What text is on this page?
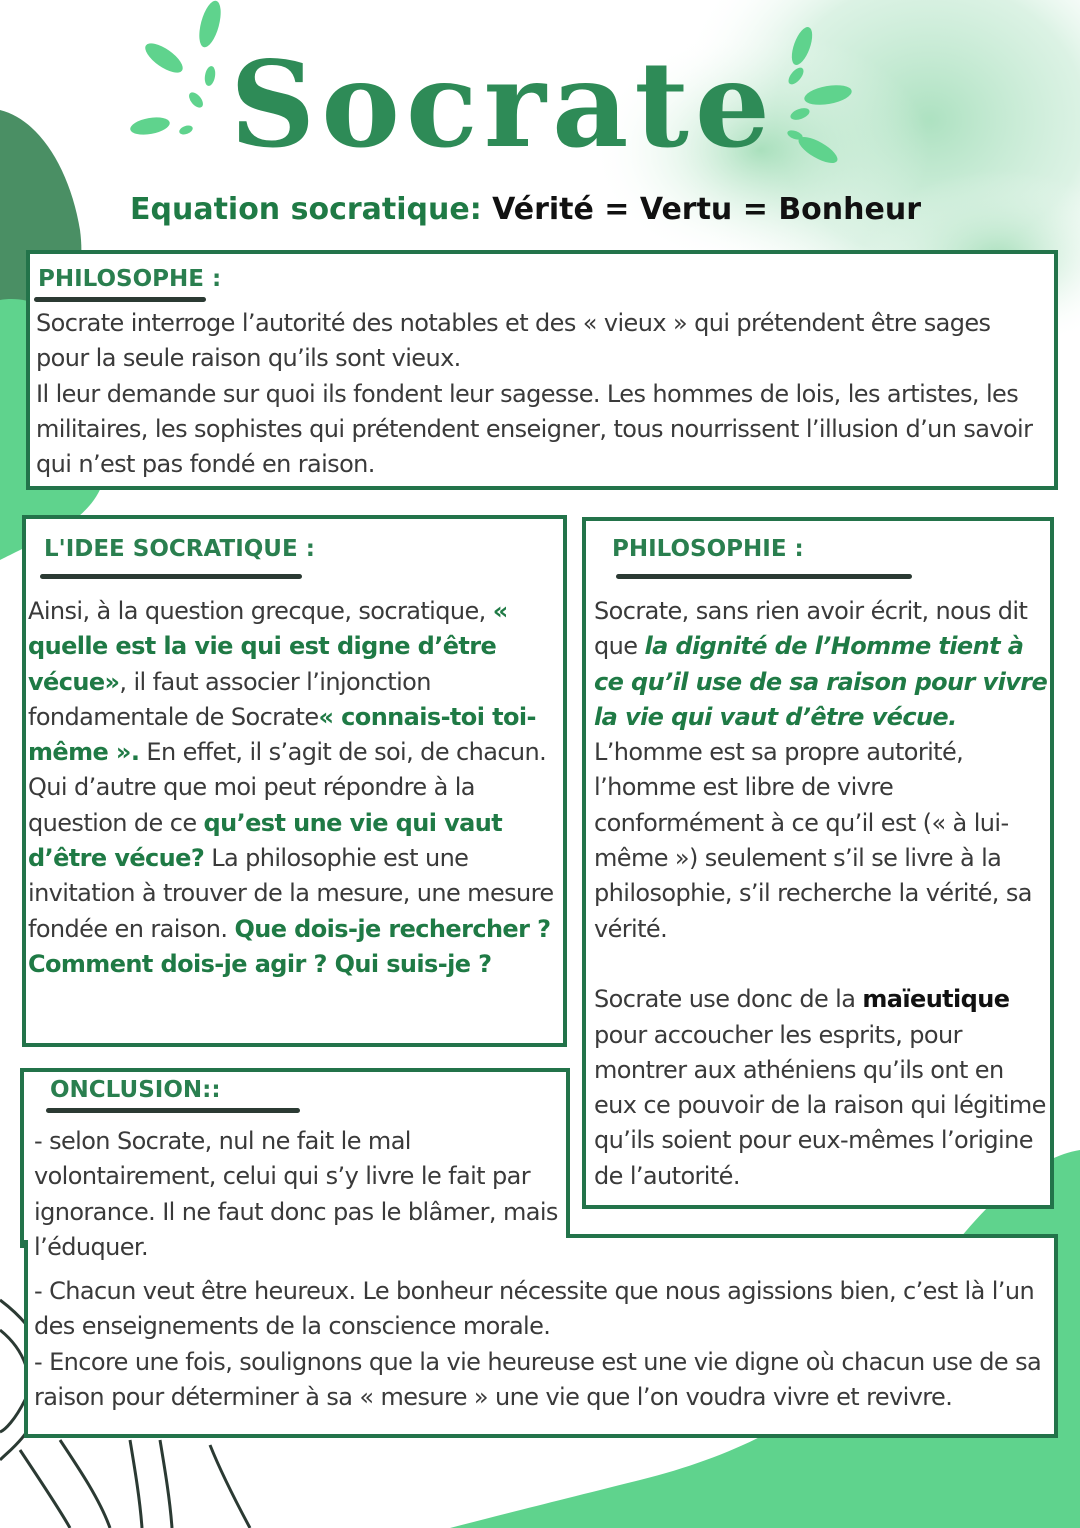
Socrate
Equation socratique: Vérité = Vertu = Bonheur
PHILOSOPHE :

Socrate interroge l’autorité des notables et des « vieux » qui prétendent être sages pour la seule raison qu’ils sont vieux.

Il leur demande sur quoi ils fondent leur sagesse. Les hommes de lois, les artistes, les militaires, les sophistes qui prétendent enseigner, tous nourrissent l’illusion d’un savoir qui n’est pas fondé en raison.

L'IDEE SOCRATIQUE :
Ainsi, à la question grecque, socratique, « quelle est la vie qui est digne d’être vécue», il faut associer l’injonction fondamentale de Socrate« connais-toi toi-même ». En effet, il s’agit de soi, de chacun. Qui d’autre que moi peut répondre à la question de ce qu’est une vie qui vaut d’être vécue? La philosophie est une invitation à trouver de la mesure, une mesure fondée en raison. Que dois-je rechercher ? Comment dois-je agir ? Qui suis-je ?
PHILOSOPHIE :

Socrate, sans rien avoir écrit, nous dit que la dignité de l’Homme tient à ce qu’il use de sa raison pour vivre la vie qui vaut d’être vécue.

L’homme est sa propre autorité, l’homme est libre de vivre conformément à ce qu’il est (« à lui-même ») seulement s’il se livre à la philosophie, s’il recherche la vérité, sa vérité.

Socrate use donc de la maïeutique pour accoucher les esprits, pour montrer aux athéniens qu’ils ont en eux ce pouvoir de la raison qui légitime qu’ils soient pour eux-mêmes l’origine de l’autorité.

ONCLUSION::

- selon Socrate, nul ne fait le mal volontairement, celui qui s’y livre le fait par ignorance. Il ne faut donc pas le blâmer, mais l’éduquer.

- Chacun veut être heureux. Le bonheur nécessite que nous agissions bien, c’est là l’un des enseignements de la conscience morale.

- Encore une fois, soulignons que la vie heureuse est une vie digne où chacun use de sa raison pour déterminer à sa « mesure » une vie que l’on voudra vivre et revivre.
